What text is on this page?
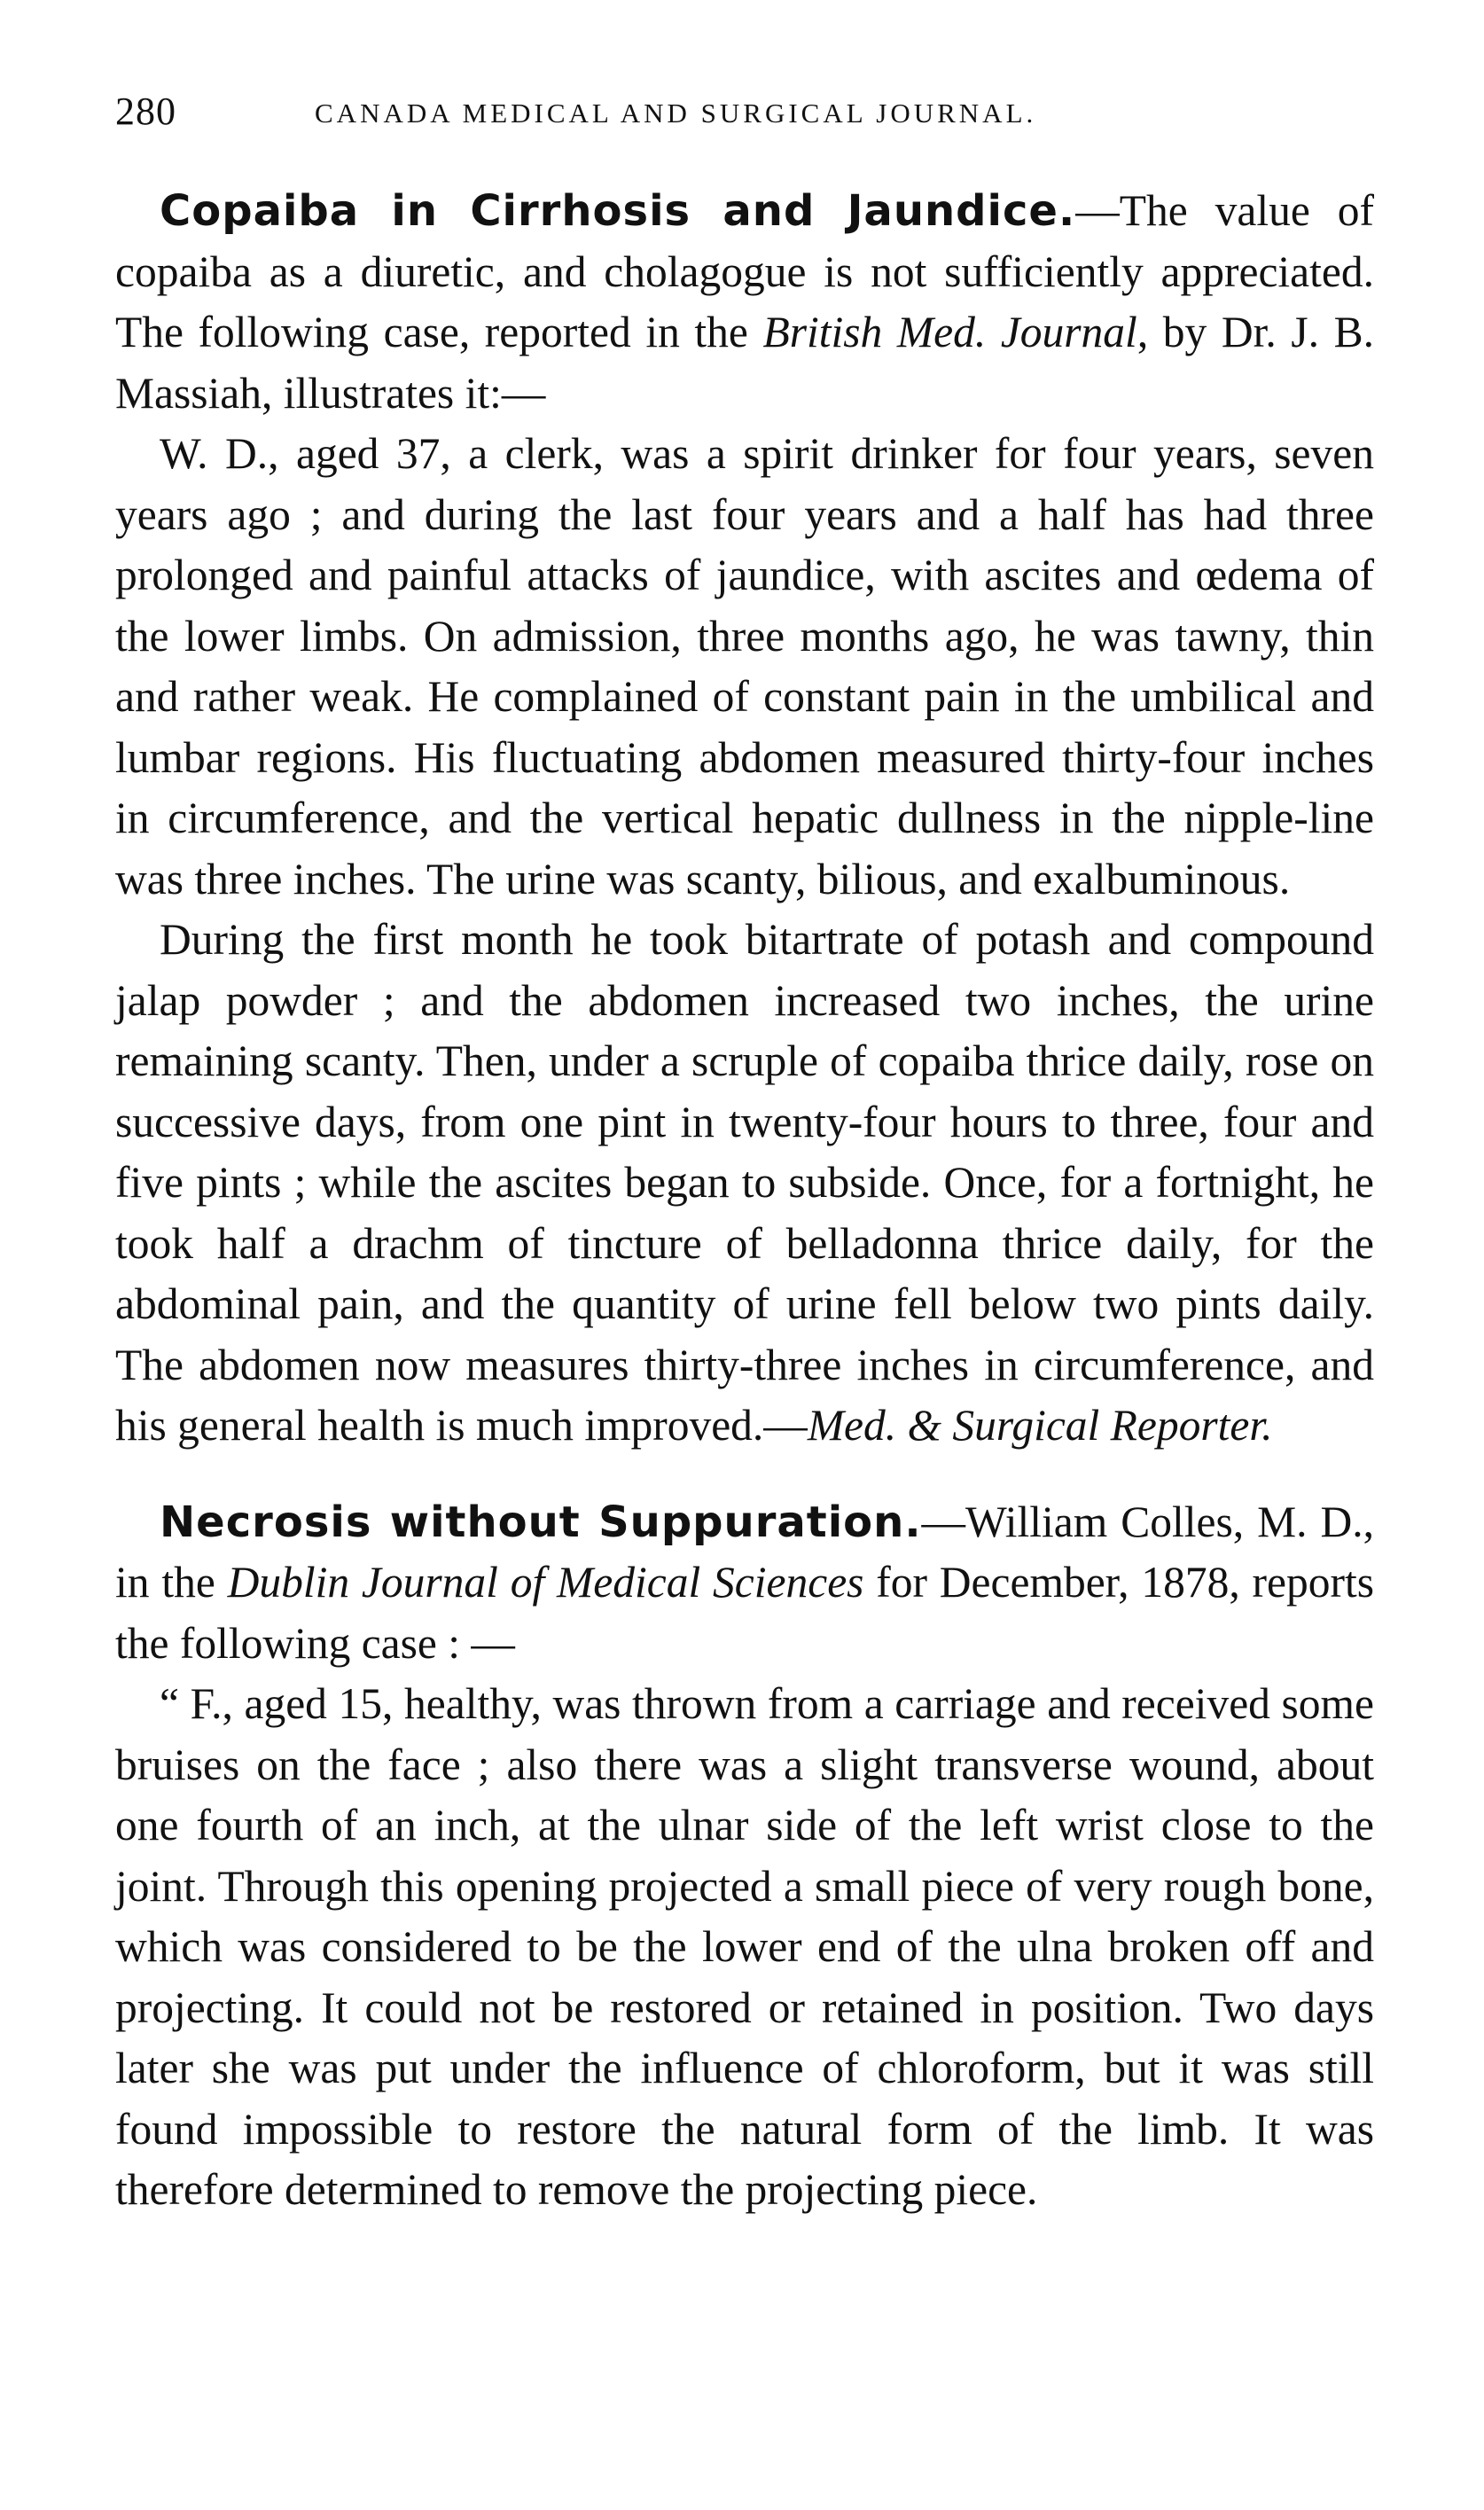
280	CANADA MEDICAL AND SURGICAL JOURNAL.

Copaiba in Cirrhosis and Jaundice.—The value of copaiba as a diuretic, and cholagogue is not sufficiently appreciated. The following case, reported in the British Med. Journal, by Dr. J. B. Massiah, illustrates it:—

W. D., aged 37, a clerk, was a spirit drinker for four years, seven years ago ; and during the last four years and a half has had three prolonged and painful attacks of jaundice, with ascites and œdema of the lower limbs. On admission, three months ago, he was tawny, thin and rather weak. He complained of constant pain in the umbilical and lumbar regions. His fluctuating abdomen measured thirty-four inches in circumference, and the vertical hepatic dullness in the nipple-line was three inches. The urine was scanty, bilious, and exalbuminous.

During the first month he took bitartrate of potash and compound jalap powder ; and the abdomen increased two inches, the urine remaining scanty. Then, under a scruple of copaiba thrice daily, rose on successive days, from one pint in twenty-four hours to three, four and five pints ; while the ascites began to subside. Once, for a fortnight, he took half a drachm of tincture of belladonna thrice daily, for the abdominal pain, and the quantity of urine fell below two pints daily. The abdomen now measures thirty-three inches in circumference, and his general health is much improved.—Med. & Surgical Reporter.

Necrosis without Suppuration.—William Colles, M. D., in the Dublin Journal of Medical Sciences for December, 1878, reports the following case : —

“ F., aged 15, healthy, was thrown from a carriage and received some bruises on the face ; also there was a slight transverse wound, about one fourth of an inch, at the ulnar side of the left wrist close to the joint. Through this opening projected a small piece of very rough bone, which was considered to be the lower end of the ulna broken off and projecting. It could not be restored or retained in position. Two days later she was put under the influence of chloroform, but it was still found impossible to restore the natural form of the limb. It was therefore determined to remove the projecting piece.
